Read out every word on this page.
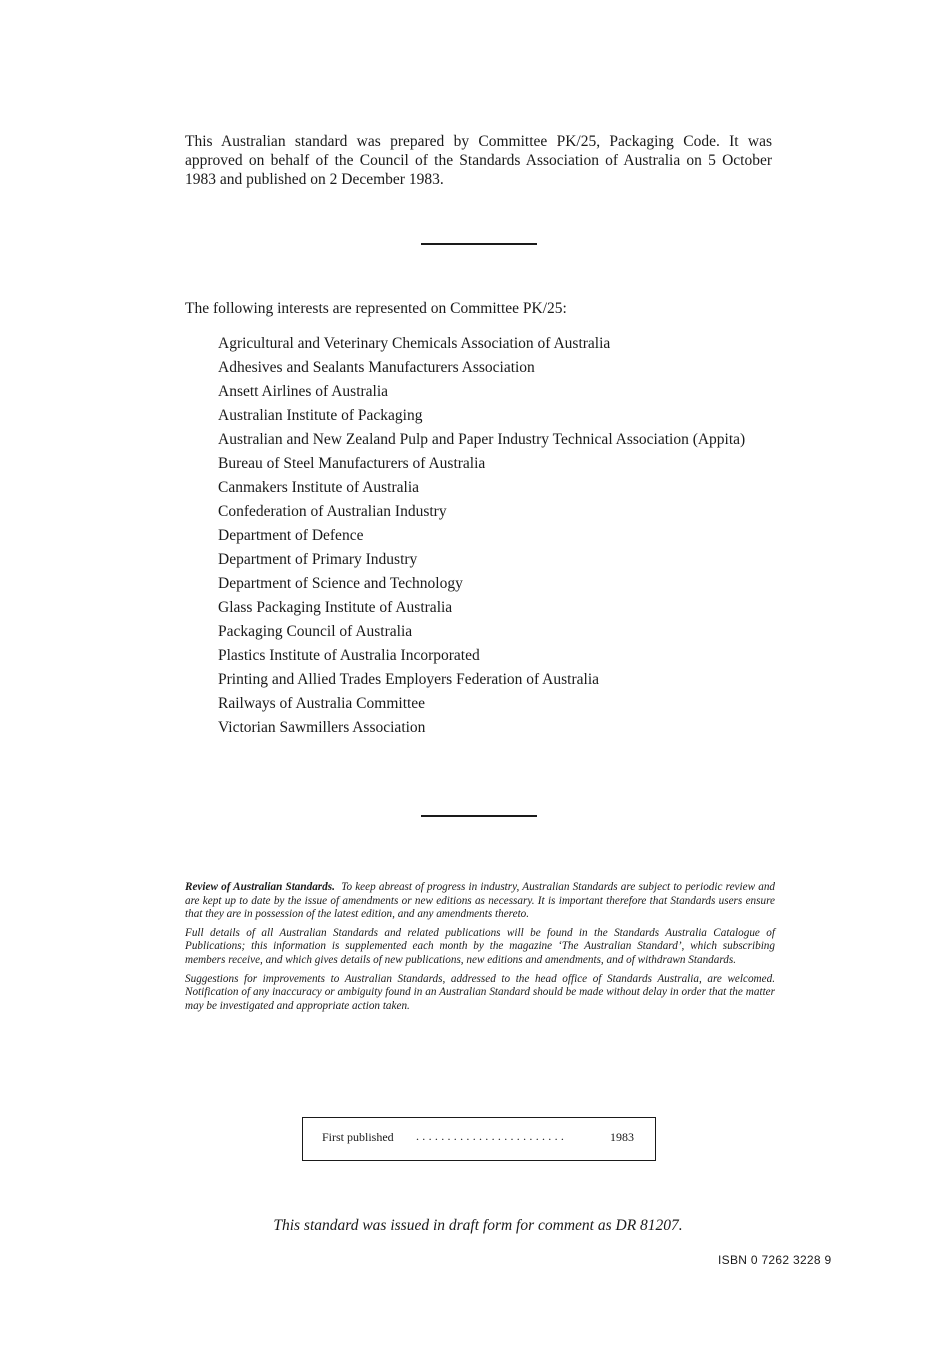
This Australian standard was prepared by Committee PK/25, Packaging Code. It was approved on behalf of the Council of the Standards Association of Australia on 5 October 1983 and published on 2 December 1983.
The following interests are represented on Committee PK/25:
Agricultural and Veterinary Chemicals Association of Australia
Adhesives and Sealants Manufacturers Association
Ansett Airlines of Australia
Australian Institute of Packaging
Australian and New Zealand Pulp and Paper Industry Technical Association (Appita)
Bureau of Steel Manufacturers of Australia
Canmakers Institute of Australia
Confederation of Australian Industry
Department of Defence
Department of Primary Industry
Department of Science and Technology
Glass Packaging Institute of Australia
Packaging Council of Australia
Plastics Institute of Australia Incorporated
Printing and Allied Trades Employers Federation of Australia
Railways of Australia Committee
Victorian Sawmillers Association

Review of Australian Standards. To keep abreast of progress in industry, Australian Standards are subject to periodic review and are kept up to date by the issue of amendments or new editions as necessary. It is important therefore that Standards users ensure that they are in possession of the latest edition, and any amendments thereto.

Full details of all Australian Standards and related publications will be found in the Standards Australia Catalogue of Publications; this information is supplemented each month by the magazine ‘The Australian Standard’, which subscribing members receive, and which gives details of new publications, new editions and amendments, and of withdrawn Standards.

Suggestions for improvements to Australian Standards, addressed to the head office of Standards Australia, are welcomed. Notification of any inaccuracy or ambiguity found in an Australian Standard should be made without delay in order that the matter may be investigated and appropriate action taken.

First published ........................	1983
This standard was issued in draft form for comment as DR 81207.
ISBN 0 7262 3228 9
